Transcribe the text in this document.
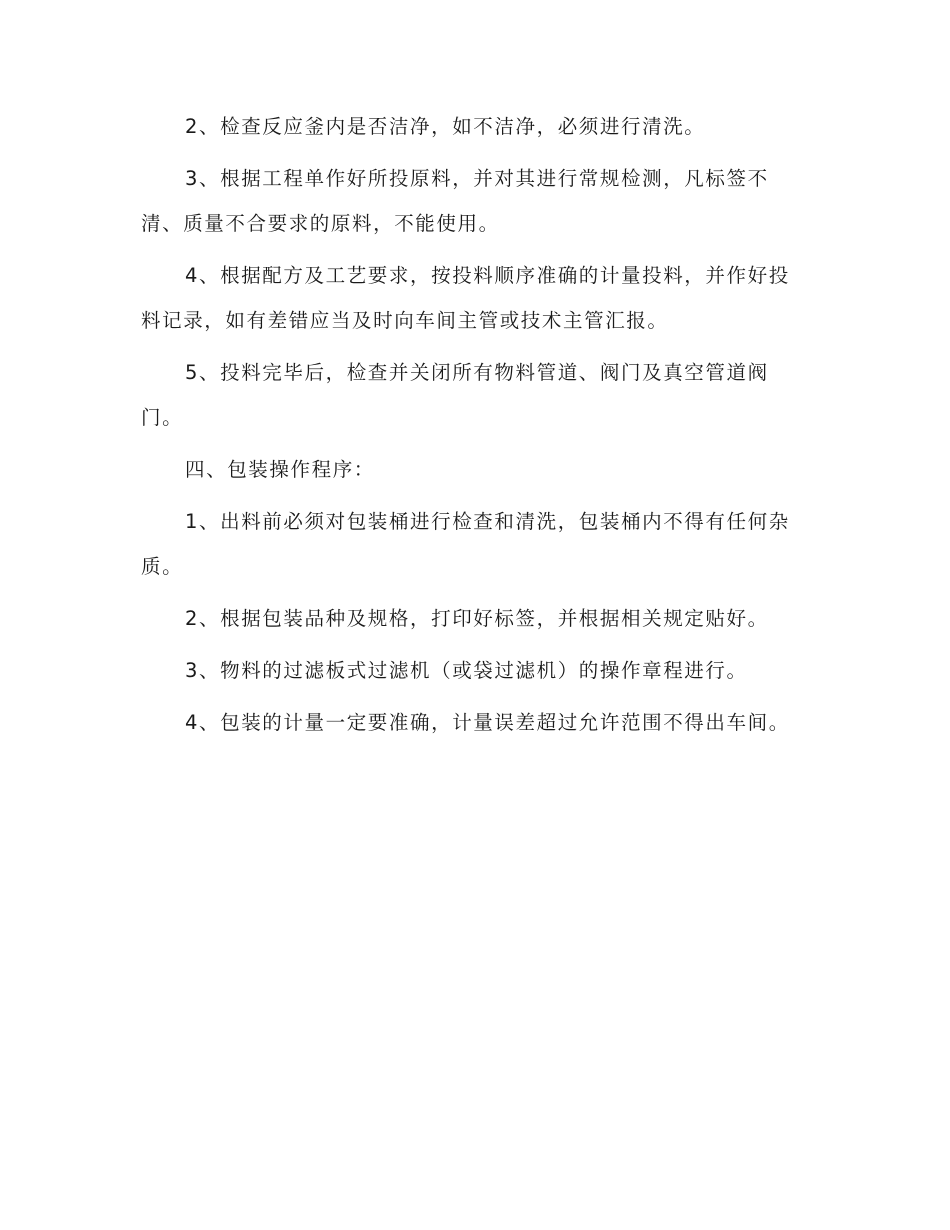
2、检查反应釜内是否洁净，如不洁净，必须进行清洗。

3、根据工程单作好所投原料，并对其进行常规检测，凡标签不清、质量不合要求的原料，不能使用。

4、根据配方及工艺要求，按投料顺序准确的计量投料，并作好投料记录，如有差错应当及时向车间主管或技术主管汇报。

5、投料完毕后，检查并关闭所有物料管道、阀门及真空管道阀门。

四、包装操作程序：

1、出料前必须对包装桶进行检查和清洗，包装桶内不得有任何杂质。

2、根据包装品种及规格，打印好标签，并根据相关规定贴好。

3、物料的过滤板式过滤机（或袋过滤机）的操作章程进行。

4、包装的计量一定要准确，计量误差超过允许范围不得出车间。
